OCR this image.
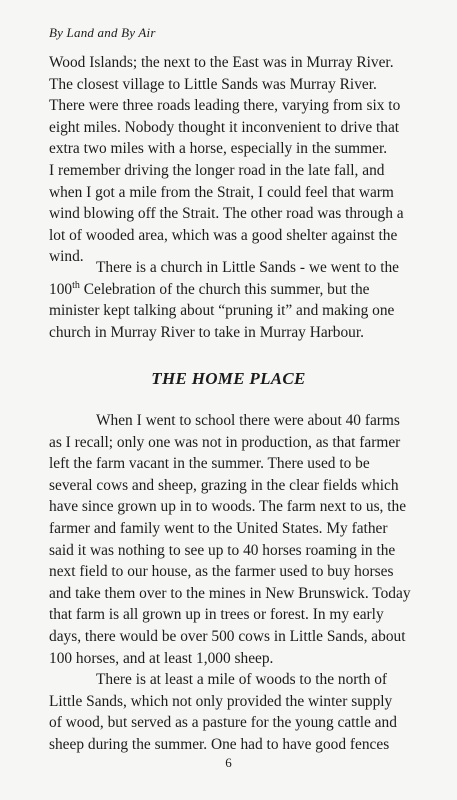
By Land and By Air

Wood Islands; the next to the East was in Murray River.
The closest village to Little Sands was Murray River.
There were three roads leading there, varying from six to
eight miles. Nobody thought it inconvenient to drive that
extra two miles with a horse, especially in the summer.
I remember driving the longer road in the late fall, and
when I got a mile from the Strait, I could feel that warm
wind blowing off the Strait. The other road was through a
lot of wooded area, which was a good shelter against the
wind.

There is a church in Little Sands - we went to the
100th Celebration of the church this summer, but the
minister kept talking about “pruning it” and making one
church in Murray River to take in Murray Harbour.

THE HOME PLACE

When I went to school there were about 40 farms
as I recall; only one was not in production, as that farmer
left the farm vacant in the summer. There used to be
several cows and sheep, grazing in the clear fields which
have since grown up in to woods. The farm next to us, the
farmer and family went to the United States. My father
said it was nothing to see up to 40 horses roaming in the
next field to our house, as the farmer used to buy horses
and take them over to the mines in New Brunswick. Today
that farm is all grown up in trees or forest. In my early
days, there would be over 500 cows in Little Sands, about
100 horses, and at least 1,000 sheep.

There is at least a mile of woods to the north of
Little Sands, which not only provided the winter supply
of wood, but served as a pasture for the young cattle and
sheep during the summer. One had to have good fences

6
